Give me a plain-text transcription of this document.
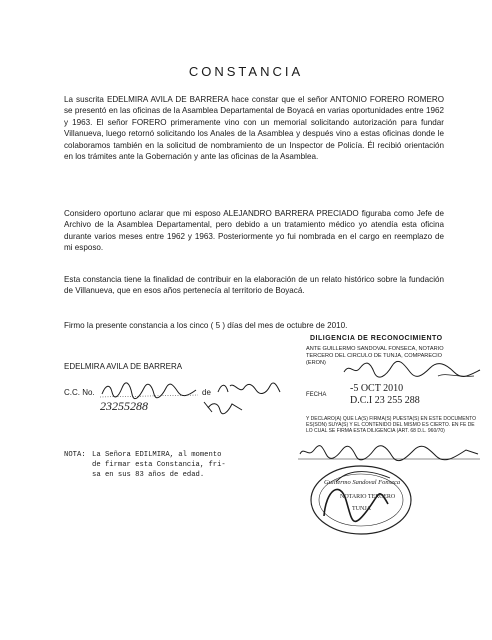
CONSTANCIA
La suscrita EDELMIRA AVILA DE BARRERA hace constar que el señor ANTONIO FORERO ROMERO se presentó en las oficinas de la Asamblea Departamental de Boyacá en varias oportunidades entre 1962 y 1963. El señor FORERO primeramente vino con un memorial solicitando autorización para fundar Villanueva, luego retornó solicitando los Anales de la Asamblea y después vino a estas oficinas donde le colaboramos también en la solicitud de nombramiento de un Inspector de Policía. Él recibió orientación en los trámites ante la Gobernación y ante las oficinas de la Asamblea.
Considero oportuno aclarar que mi esposo ALEJANDRO BARRERA PRECIADO figuraba como Jefe de Archivo de la Asamblea Departamental, pero debido a un tratamiento médico yo atendía esta oficina durante varios meses entre 1962 y 1963. Posteriormente yo fui nombrada en el cargo en reemplazo de mi esposo.
Esta constancia tiene la finalidad de contribuir en la elaboración de un relato histórico sobre la fundación de Villanueva, que en esos años pertenecía al territorio de Boyacá.
Firmo la presente constancia a los cinco ( 5 ) días del mes de octubre de 2010.
EDELMIRA AVILA DE BARRERA
C.C. No.	de
23255288
NOTA: La Señora EDILMIRA, al momento
de firmar esta Constancia, fri-
sa en sus 83 años de edad.
DILIGENCIA DE RECONOCIMIENTO
ANTE GUILLERMO SANDOVAL FONSECA, NOTARIO
TERCERO DEL CIRCULO DE TUNJA, COMPARECIO
(ERON)
FECHA
-5 OCT 2010
D.C.I 23 255 288
Y DECLARO(A) QUE LA(S) FIRMA(S) PUESTA(S) EN ESTE DOCUMENTO ES(SON) SUYA(S) Y EL CONTENIDO DEL MISMO ES CIERTO. EN FE DE LO CUAL SE FIRMA ESTA DILIGENCIA (ART. 68 D.L. 960/70)
Guillermo Sandoval Fonseca
NOTARIO TERCERO
TUNJA
